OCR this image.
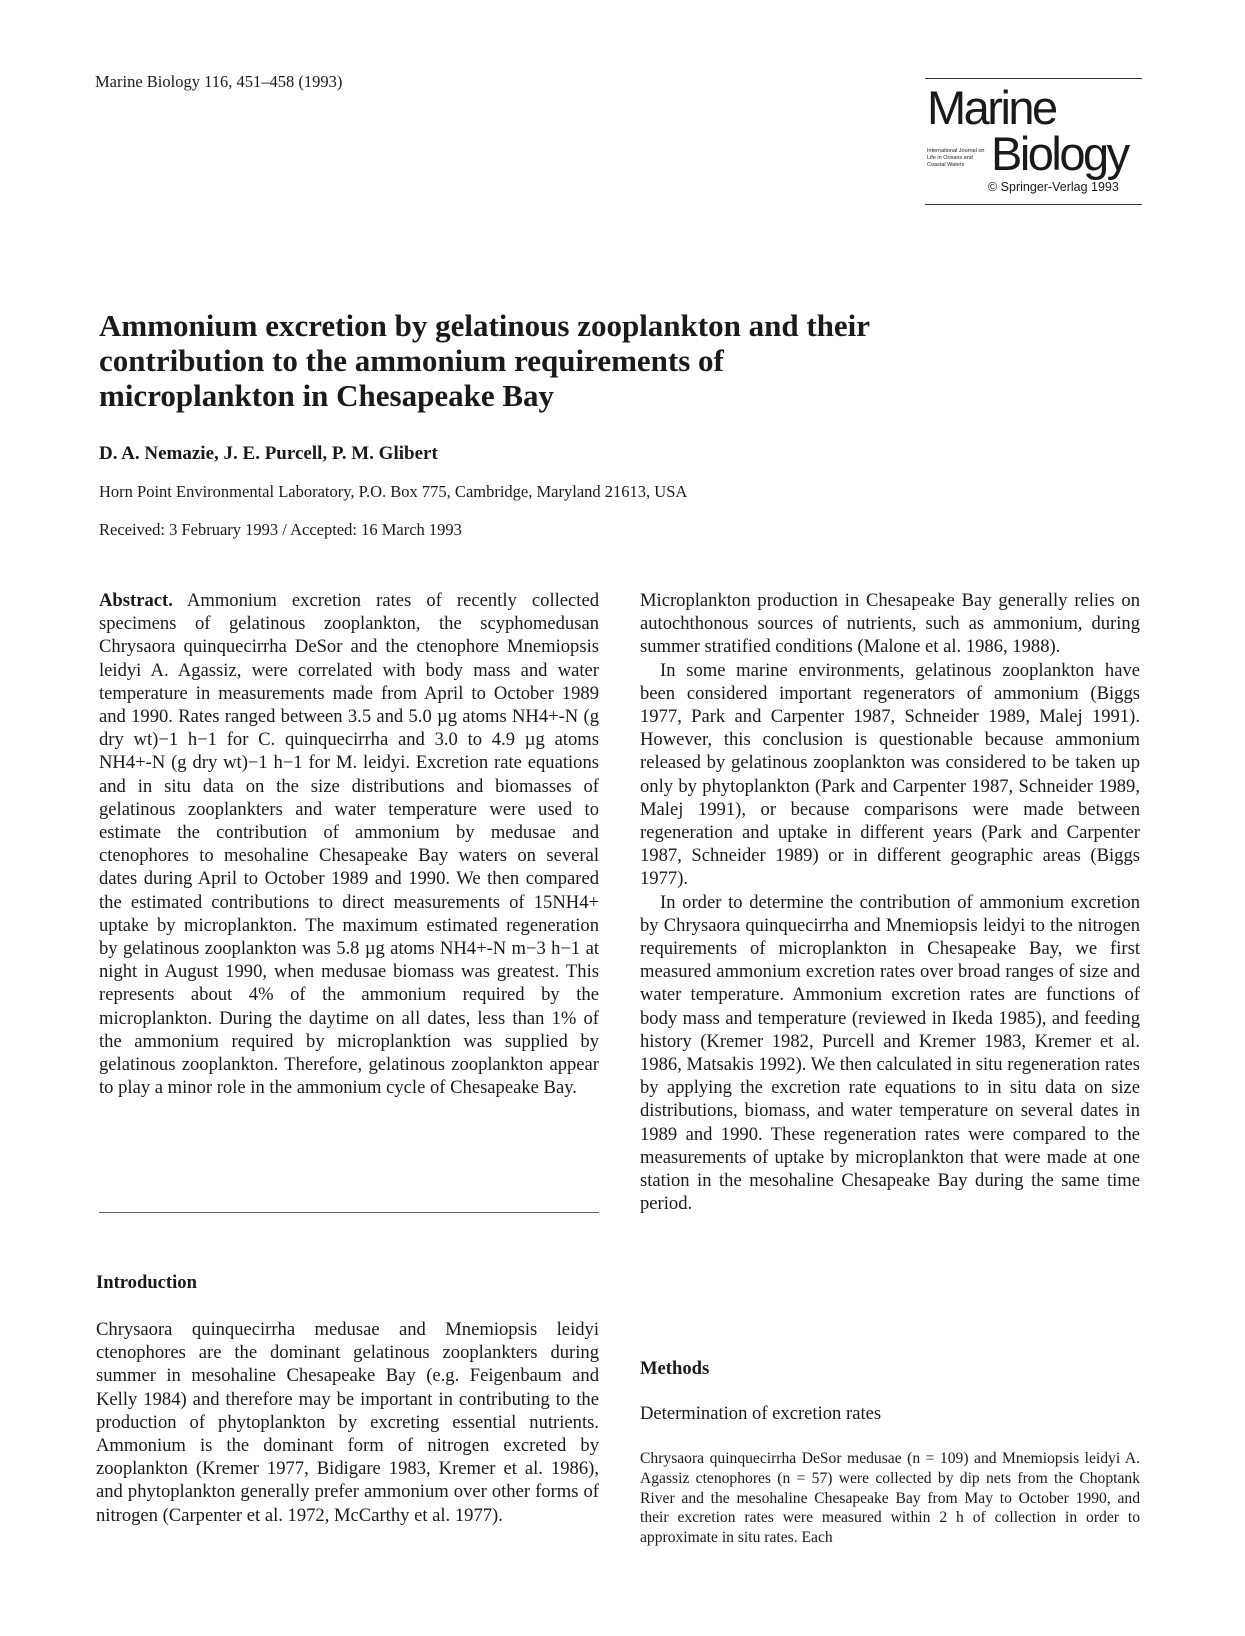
Marine Biology 116, 451–458 (1993)	Marine
International Journal on Life in Oceans and Coastal Waters Biology
© Springer-Verlag 1993
Ammonium excretion by gelatinous zooplankton and their contribution to the ammonium requirements of microplankton in Chesapeake Bay
D. A. Nemazie, J. E. Purcell, P. M. Glibert
Horn Point Environmental Laboratory, P.O. Box 775, Cambridge, Maryland 21613, USA
Received: 3 February 1993 / Accepted: 16 March 1993

Abstract. Ammonium excretion rates of recently collected specimens of gelatinous zooplankton, the scyphomedusan Chrysaora quinquecirrha DeSor and the ctenophore Mnemiopsis leidyi A. Agassiz, were correlated with body mass and water temperature in measurements made from April to October 1989 and 1990. Rates ranged between 3.5 and 5.0 µg atoms NH4+-N (g dry wt)−1 h−1 for C. quinquecirrha and 3.0 to 4.9 µg atoms NH4+-N (g dry wt)−1 h−1 for M. leidyi. Excretion rate equations and in situ data on the size distributions and biomasses of gelatinous zooplankters and water temperature were used to estimate the contribution of ammonium by medusae and ctenophores to mesohaline Chesapeake Bay waters on several dates during April to October 1989 and 1990. We then compared the estimated contributions to direct measurements of 15NH4+ uptake by microplankton. The maximum estimated regeneration by gelatinous zooplankton was 5.8 µg atoms NH4+-N m−3 h−1 at night in August 1990, when medusae biomass was greatest. This represents about 4% of the ammonium required by the microplankton. During the daytime on all dates, less than 1% of the ammonium required by microplanktion was supplied by gelatinous zooplankton. Therefore, gelatinous zooplankton appear to play a minor role in the ammonium cycle of Chesapeake Bay.

Introduction

Chrysaora quinquecirrha medusae and Mnemiopsis leidyi ctenophores are the dominant gelatinous zooplankters during summer in mesohaline Chesapeake Bay (e.g. Feigenbaum and Kelly 1984) and therefore may be important in contributing to the production of phytoplankton by excreting essential nutrients. Ammonium is the dominant form of nitrogen excreted by zooplankton (Kremer 1977, Bidigare 1983, Kremer et al. 1986), and phytoplankton generally prefer ammonium over other forms of nitrogen (Carpenter et al. 1972, McCarthy et al. 1977).

Microplankton production in Chesapeake Bay generally relies on autochthonous sources of nutrients, such as ammonium, during summer stratified conditions (Malone et al. 1986, 1988).

In some marine environments, gelatinous zooplankton have been considered important regenerators of ammonium (Biggs 1977, Park and Carpenter 1987, Schneider 1989, Malej 1991). However, this conclusion is questionable because ammonium released by gelatinous zooplankton was considered to be taken up only by phytoplankton (Park and Carpenter 1987, Schneider 1989, Malej 1991), or because comparisons were made between regeneration and uptake in different years (Park and Carpenter 1987, Schneider 1989) or in different geographic areas (Biggs 1977).

In order to determine the contribution of ammonium excretion by Chrysaora quinquecirrha and Mnemiopsis leidyi to the nitrogen requirements of microplankton in Chesapeake Bay, we first measured ammonium excretion rates over broad ranges of size and water temperature. Ammonium excretion rates are functions of body mass and temperature (reviewed in Ikeda 1985), and feeding history (Kremer 1982, Purcell and Kremer 1983, Kremer et al. 1986, Matsakis 1992). We then calculated in situ regeneration rates by applying the excretion rate equations to in situ data on size distributions, biomass, and water temperature on several dates in 1989 and 1990. These regeneration rates were compared to the measurements of uptake by microplankton that were made at one station in the mesohaline Chesapeake Bay during the same time period.

Methods
Determination of excretion rates

Chrysaora quinquecirrha DeSor medusae (n = 109) and Mnemiopsis leidyi A. Agassiz ctenophores (n = 57) were collected by dip nets from the Choptank River and the mesohaline Chesapeake Bay from May to October 1990, and their excretion rates were measured within 2 h of collection in order to approximate in situ rates. Each
